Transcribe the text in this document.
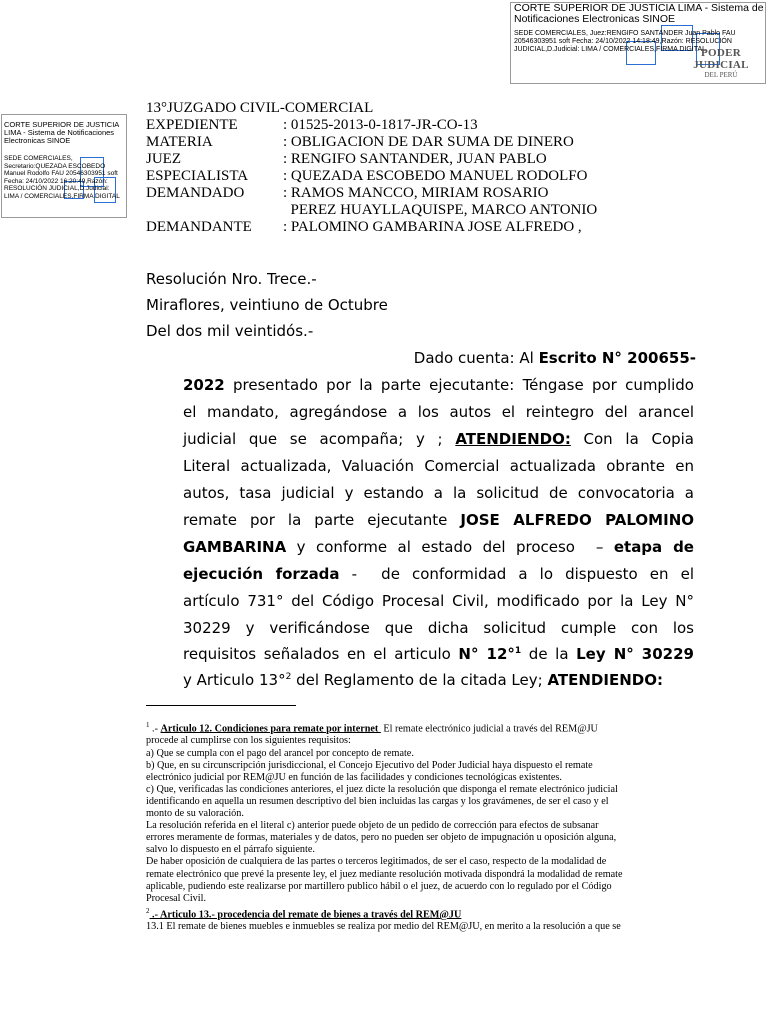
CORTE SUPERIOR DE JUSTICIA LIMA - Sistema de Notificaciones Electronicas SINOE
SEDE COMERCIALES, Juez:RENGIFO SANTANDER Juan Pablo FAU 20546303951 soft Fecha: 24/10/2022 14:18:49,Razón: RESOLUCIÓN JUDICIAL,D.Judicial: LIMA / COMERCIALES,FIRMA DIGITAL
PODER JUDICIAL
DEL PERÚ
CORTE SUPERIOR DE JUSTICIA LIMA - Sistema de Notificaciones Electronicas SINOE
SEDE COMERCIALES, Secretario:QUEZADA ESCOBEDO Manuel Rodolfo FAU 20546303951 soft Fecha: 24/10/2022 16:20:49,Razón: RESOLUCIÓN JUDICIAL,D.Judicial: LIMA / COMERCIALES,FIRMA DIGITAL
13°JUZGADO CIVIL-COMERCIAL
EXPEDIENTE	: 01525-2013-0-1817-JR-CO-13
MATERIA	: OBLIGACION DE DAR SUMA DE DINERO
JUEZ	: RENGIFO SANTANDER, JUAN PABLO
ESPECIALISTA	: QUEZADA ESCOBEDO MANUEL RODOLFO
DEMANDADO	: RAMOS MANCCO, MIRIAM ROSARIO
PEREZ HUAYLLAQUISPE, MARCO ANTONIO
DEMANDANTE	: PALOMINO GAMBARINA JOSE ALFREDO ,
Resolución Nro. Trece.-
Miraflores, veintiuno de Octubre
Del dos mil veintidós.-
Dado cuenta: Al Escrito N° 200655-
2022 presentado por la parte ejecutante: Téngase por cumplido
el mandato, agregándose a los autos el reintegro del arancel
judicial que se acompaña; y ; ATENDIENDO: Con la Copia
Literal actualizada, Valuación Comercial actualizada obrante en
autos, tasa judicial y estando a la solicitud de convocatoria a
remate por la parte ejecutante JOSE ALFREDO PALOMINO
GAMBARINA y conforme al estado del proceso  – etapa de
ejecución forzada -  de conformidad a lo dispuesto en el
artículo 731° del Código Procesal Civil, modificado por la Ley N°
30229 y verificándose que dicha solicitud cumple con los
requisitos señalados en el articulo N° 12°$^1$ de la Ley N° 30229
y Articulo 13°$^2$ del Reglamento de la citada Ley; ATENDIENDO:
$^1$ .- Articulo 12. Condiciones para remate por internet  El remate electrónico judicial a través del REM@JU
procede al cumplirse con los siguientes requisitos:
a) Que se cumpla con el pago del arancel por concepto de remate.
b) Que, en su circunscripción jurisdiccional, el Concejo Ejecutivo del Poder Judicial haya dispuesto el remate
electrónico judicial por REM@JU en función de las facilidades y condiciones tecnológicas existentes.
c) Que, verificadas las condiciones anteriores, el juez dicte la resolución que disponga el remate electrónico judicial
identificando en aquella un resumen descriptivo del bien incluidas las cargas y los gravámenes, de ser el caso y el
monto de su valoración.
La resolución referida en el literal c) anterior puede objeto de un pedido de corrección para efectos de subsanar
errores meramente de formas, materiales y de datos, pero no pueden ser objeto de impugnación u oposición alguna,
salvo lo dispuesto en el párrafo siguiente.
De haber oposición de cualquiera de las partes o terceros legitimados, de ser el caso, respecto de la modalidad de
remate electrónico que prevé la presente ley, el juez mediante resolución motivada dispondrá la modalidad de remate
aplicable, pudiendo este realizarse por martillero publico hábil o el juez, de acuerdo con lo regulado por el Código
Procesal Civil.
$^2$ .- Articulo 13.- procedencia del remate de bienes a través del REM@JU
13.1 El remate de bienes muebles e inmuebles se realiza por medio del REM@JU, en merito a la resolución a que se
